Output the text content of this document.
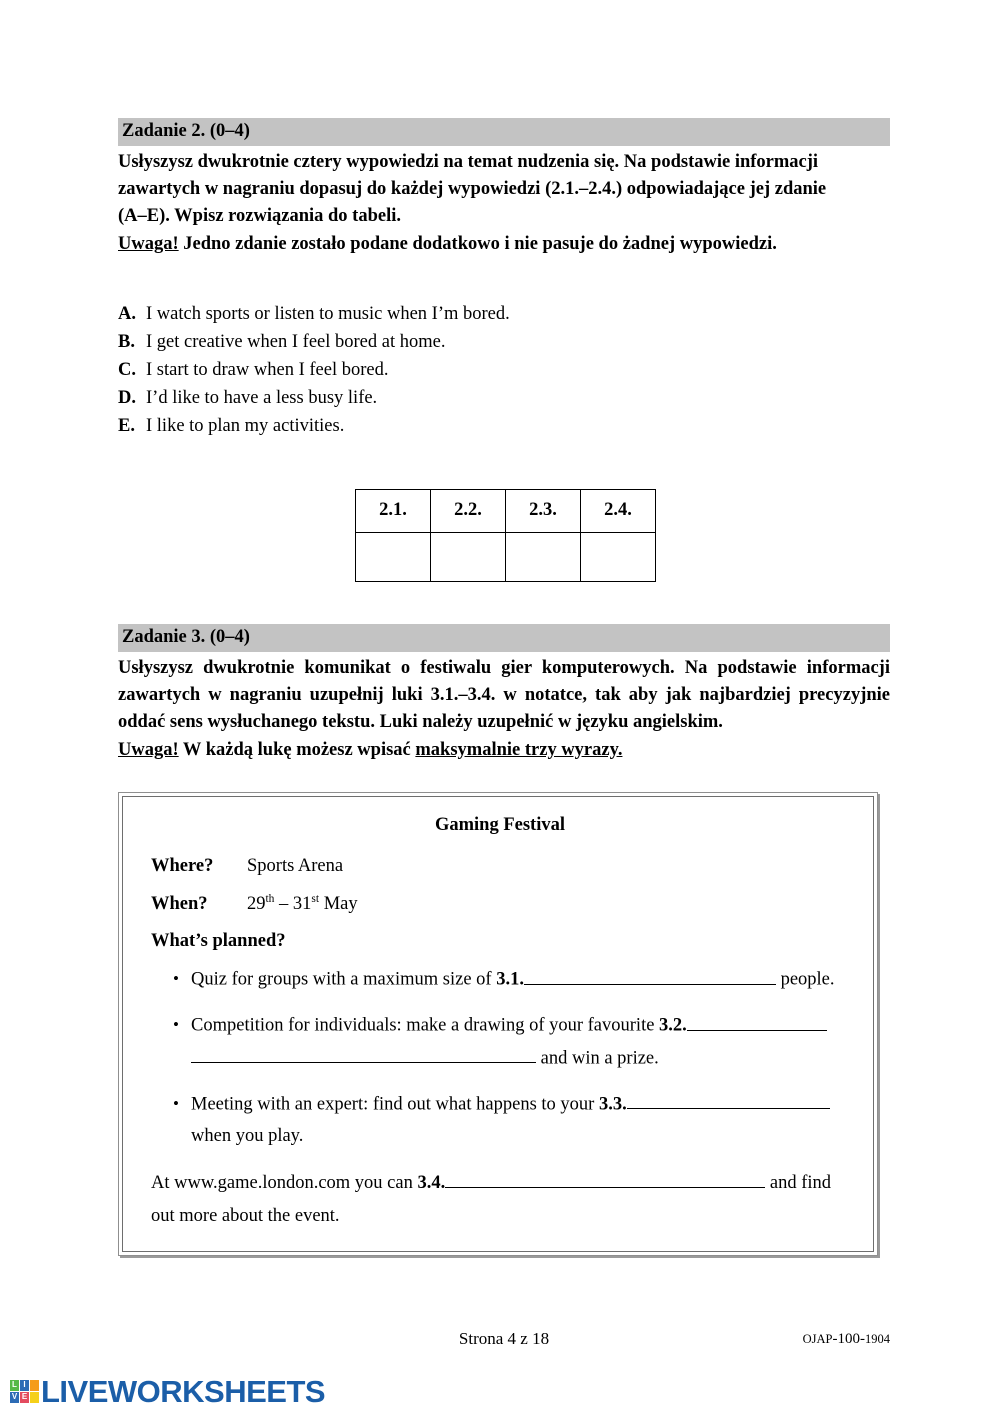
Zadanie 2. (0–4)
Usłyszysz dwukrotnie cztery wypowiedzi na temat nudzenia się. Na podstawie informacji
zawartych w nagraniu dopasuj do każdej wypowiedzi (2.1.–2.4.) odpowiadające jej zdanie
(A–E). Wpisz rozwiązania do tabeli.
Uwaga! Jedno zdanie zostało podane dodatkowo i nie pasuje do żadnej wypowiedzi.
A. I watch sports or listen to music when I’m bored.
B. I get creative when I feel bored at home.
C. I start to draw when I feel bored.
D. I’d like to have a less busy life.
E. I like to plan my activities.
2.1.	2.2.	2.3.	2.4.

Zadanie 3. (0–4)
Usłyszysz dwukrotnie komunikat o festiwalu gier komputerowych. Na podstawie informacji zawartych w nagraniu uzupełnij luki 3.1.–3.4. w notatce, tak aby jak najbardziej precyzyjnie oddać sens wysłuchanego tekstu. Luki należy uzupełnić w języku angielskim.
Uwaga! W każdą lukę możesz wpisać maksymalnie trzy wyrazy.
Gaming Festival
Where?	Sports Arena
When?	29th – 31st May
What’s planned?
• Quiz for groups with a maximum size of 3.1.	people.
• Competition for individuals: make a drawing of your favourite 3.2.
and win a prize.
• Meeting with an expert: find out what happens to your 3.3.
when you play.
At www.game.london.com you can 3.4.	and find
out more about the event.
Strona 4 z 18	OJAP-100-1904
L I
V E LIVEWORKSHEETS
